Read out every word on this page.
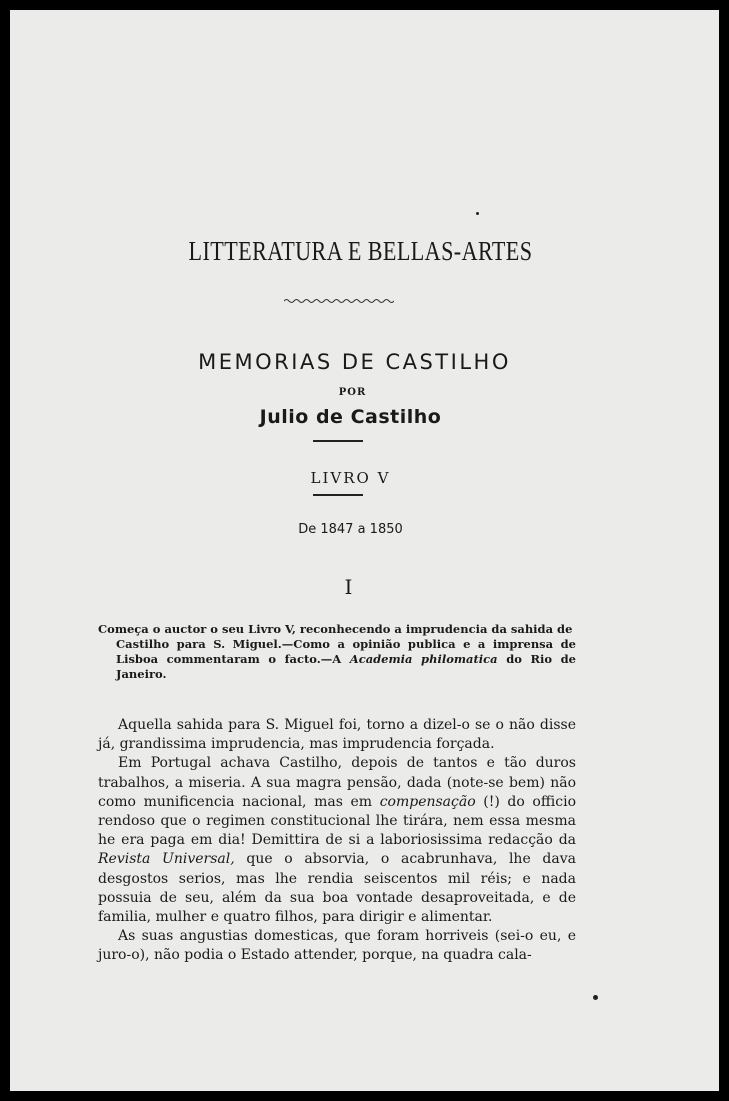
LITTERATURA E BELLAS-ARTES
MEMORIAS DE CASTILHO
POR
Julio de Castilho
LIVRO V
De 1847 a 1850
I

Começa o auctor o seu Livro V, reconhecendo a imprudencia da sahida de

Castilho para S. Miguel.—Como a opinião publica e a imprensa de Lisboa commentaram o facto.—A Academia philomatica do Rio de Janeiro.

Aquella sahida para S. Miguel foi, torno a dizel-o se o não disse já, grandissima imprudencia, mas imprudencia forçada.

Em Portugal achava Castilho, depois de tantos e tão duros trabalhos, a miseria. A sua magra pensão, dada (note-se bem) não como munificencia nacional, mas em compensação (!) do officio rendoso que o regimen constitucional lhe tirára, nem essa mesma he era paga em dia! Demittira de si a laboriosissima redacção da Revista Universal, que o absorvia, o acabrunhava, lhe dava desgostos serios, mas lhe rendia seiscentos mil réis; e nada possuia de seu, além da sua boa vontade desaproveitada, e de familia, mulher e quatro filhos, para dirigir e alimentar.

As suas angustias domesticas, que foram horriveis (sei-o eu, e juro-o), não podia o Estado attender, porque, na quadra cala-
